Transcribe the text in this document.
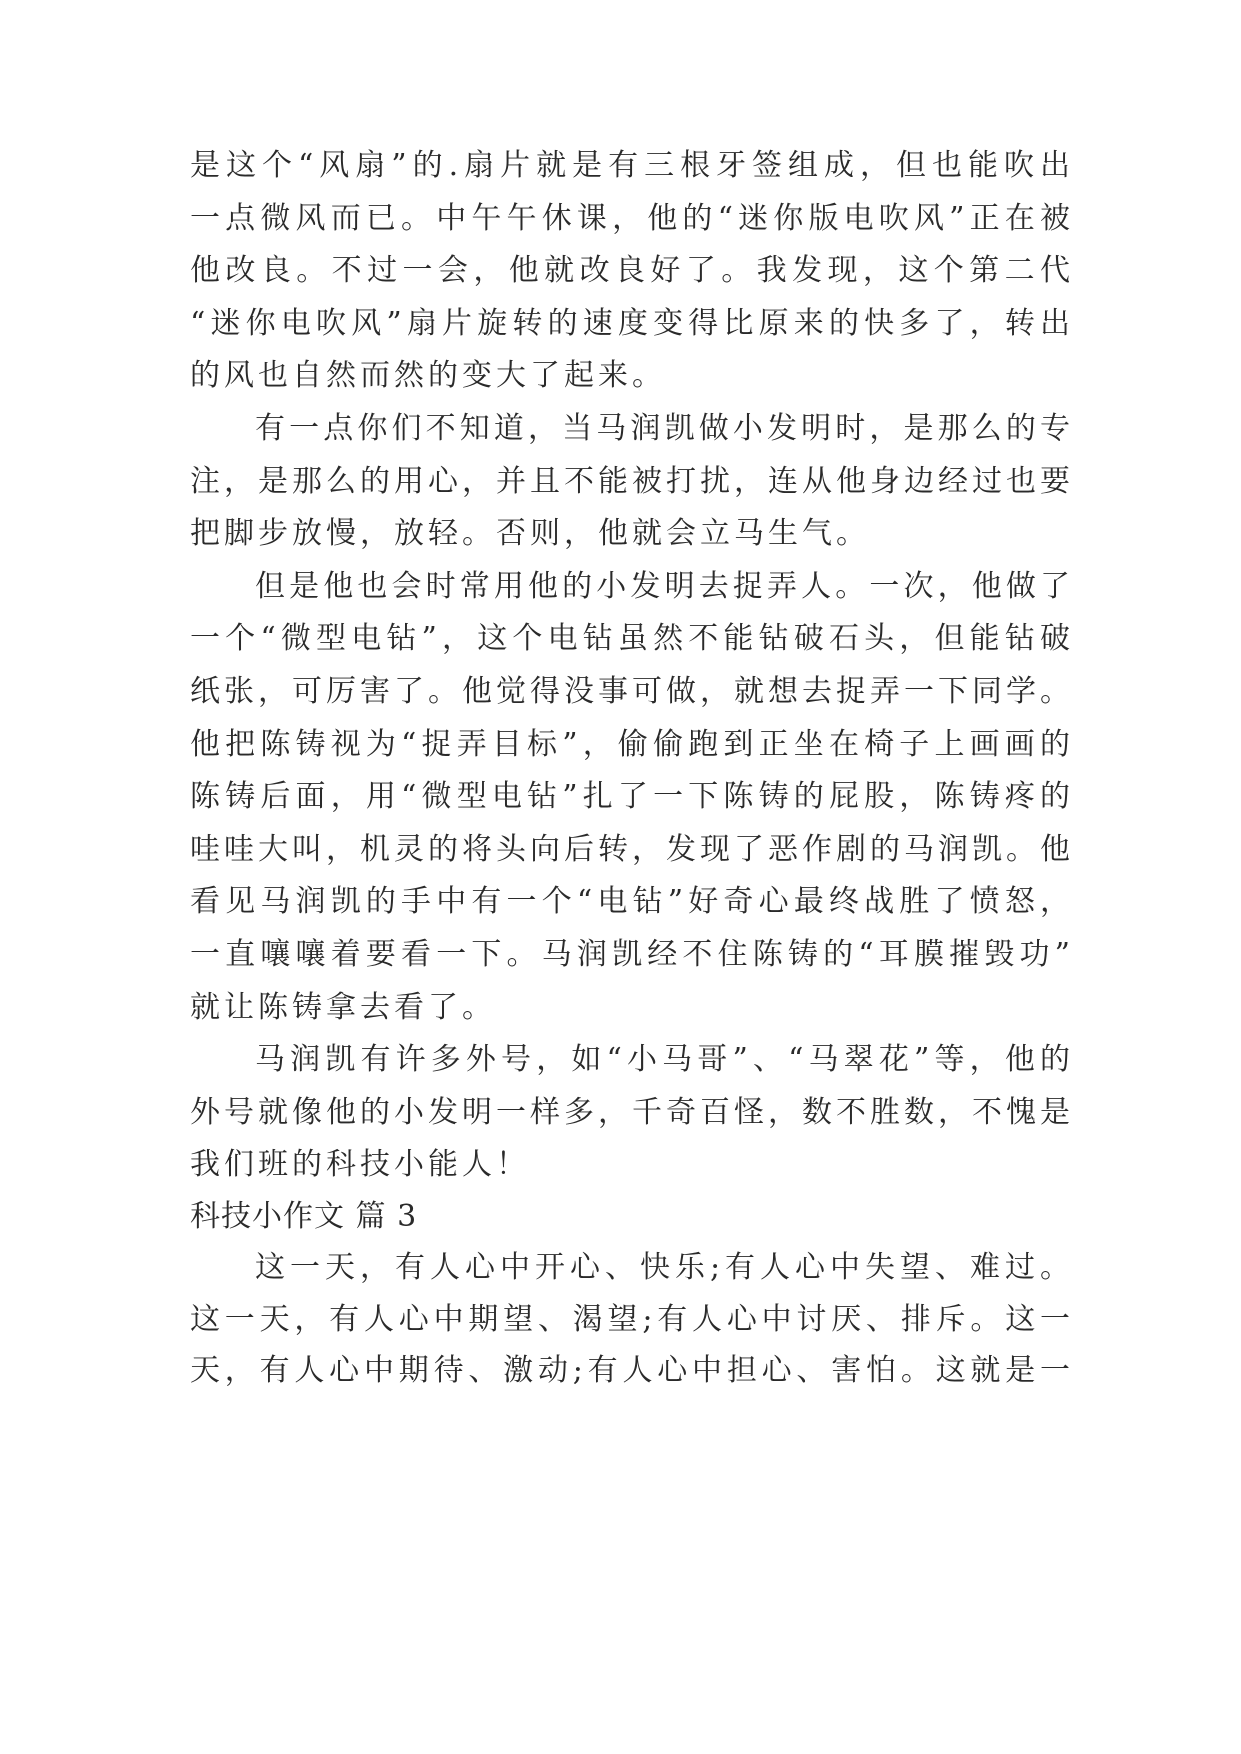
是这个“风扇”的.扇片就是有三根牙签组成，但也能吹出
一点微风而已。中午午休课，他的“迷你版电吹风”正在被
他改良。不过一会，他就改良好了。我发现，这个第二代
“迷你电吹风”扇片旋转的速度变得比原来的快多了，转出
的风也自然而然的变大了起来。
有一点你们不知道，当马润凯做小发明时，是那么的专
注，是那么的用心，并且不能被打扰，连从他身边经过也要
把脚步放慢，放轻。否则，他就会立马生气。
但是他也会时常用他的小发明去捉弄人。一次，他做了
一个“微型电钻”，这个电钻虽然不能钻破石头，但能钻破
纸张，可厉害了。他觉得没事可做，就想去捉弄一下同学。
他把陈铸视为“捉弄目标”，偷偷跑到正坐在椅子上画画的
陈铸后面，用“微型电钻”扎了一下陈铸的屁股，陈铸疼的
哇哇大叫，机灵的将头向后转，发现了恶作剧的马润凯。他
看见马润凯的手中有一个“电钻”好奇心最终战胜了愤怒，
一直嚷嚷着要看一下。马润凯经不住陈铸的“耳膜摧毁功”
就让陈铸拿去看了。
马润凯有许多外号，如“小马哥”、“马翠花”等，他的
外号就像他的小发明一样多，千奇百怪，数不胜数，不愧是
我们班的科技小能人！
科技小作文 篇 3
这一天，有人心中开心、快乐;有人心中失望、难过。
这一天，有人心中期望、渴望;有人心中讨厌、排斥。这一
天，有人心中期待、激动;有人心中担心、害怕。这就是一
